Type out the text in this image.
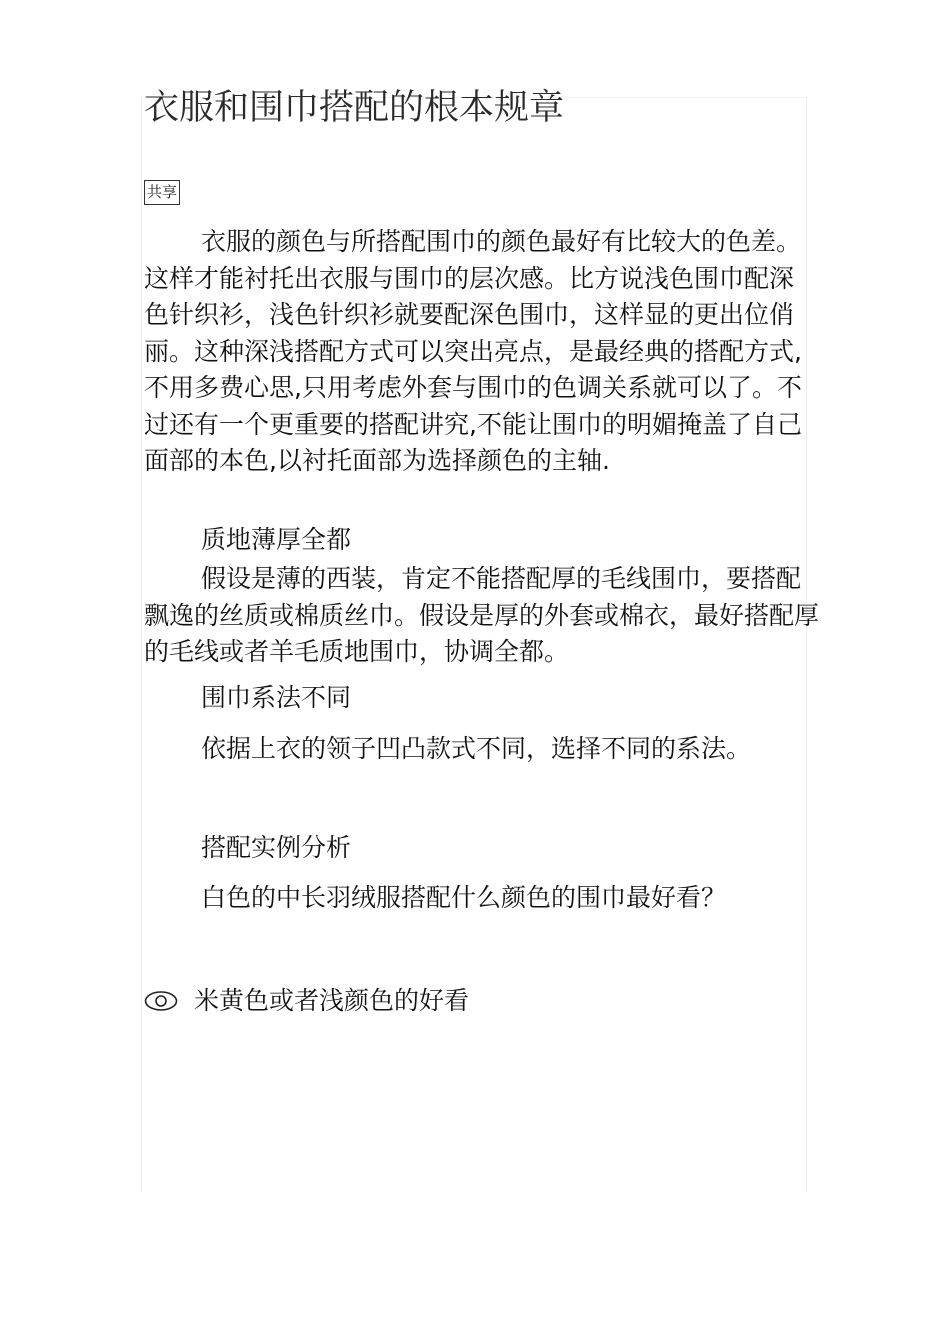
衣服和围巾搭配的根本规章
共享

衣服的颜色与所搭配围巾的颜色最好有比较大的色差。这样才能衬托出衣服与围巾的层次感。比方说浅色围巾配深色针织衫，浅色针织衫就要配深色围巾，这样显的更出位俏丽。这种深浅搭配方式可以突出亮点，是最经典的搭配方式,不用多费心思,只用考虑外套与围巾的色调关系就可以了。不过还有一个更重要的搭配讲究,不能让围巾的明媚掩盖了自己面部的本色,以衬托面部为选择颜色的主轴.

质地薄厚全都

假设是薄的西装，肯定不能搭配厚的毛线围巾，要搭配飘逸的丝质或棉质丝巾。假设是厚的外套或棉衣，最好搭配厚的毛线或者羊毛质地围巾，协调全都。

围巾系法不同

依据上衣的领子凹凸款式不同，选择不同的系法。

搭配实例分析

白色的中长羽绒服搭配什么颜色的围巾最好看？

米黄色或者浅颜色的好看
